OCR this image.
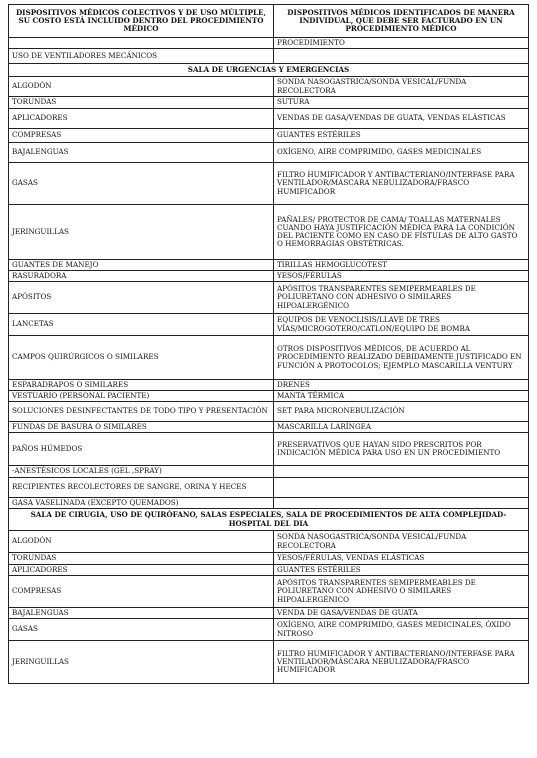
DISPOSITIVOS MÉDICOS COLECTIVOS Y DE USO MÚLTIPLE, SU COSTO ESTÁ INCLUIDO DENTRO DEL PROCEDIMIENTO MÉDICO	DISPOSITIVOS MÉDICOS IDENTIFICADOS DE MANERA INDIVIDUAL, QUE DEBE SER FACTURADO EN UN PROCEDIMIENTO MÉDICO
	PROCEDIMIENTO
USO DE VENTILADORES MECÁNICOS	
SALA DE URGENCIAS Y EMERGENCIAS	
ALGODÓN	SONDA NASOGASTRICA/SONDA VESICAL/FUNDA RECOLECTORA
TORUNDAS	SUTURA
APLICADORES	VENDAS DE GASA/VENDAS DE GUATA, VENDAS ELÁSTICAS
COMPRESAS	GUANTES ESTÉRILES
BAJALENGUAS	OXÍGENO, AIRE COMPRIMIDO, GASES MEDICINALES
GASAS	FILTRO HUMIFICADOR Y ANTIBACTERIANO/INTERFASE PARA VENTILADOR/MÁSCARA NEBULIZADORA/FRASCO HUMIFICADOR
JERINGUILLAS	PAÑALES/ PROTECTOR DE CAMA/ TOALLAS MATERNALES CUANDO HAYA JUSTIFICACIÓN MÉDICA PARA LA CONDICIÓN DEL PACIENTE COMO EN CASO DE FÍSTULAS DE ALTO GASTO O HEMORRAGIAS OBSTÉTRICAS.
GUANTES DE MANEJO	TIRILLAS HEMOGLUCOTEST
RASURADORA	YESOS/FÉRULAS
APÓSITOS	APÓSITOS TRANSPARENTES SEMIPERMEABLES DE POLIURETANO CON ADHESIVO O SIMILARES HIPOALERGÉNICO
LANCETAS	EQUIPOS DE VENOCLISIS/LLAVE DE TRES VÍAS/MICROGOTERO/CATLON/EQUIPO DE BOMBA
CAMPOS QUIRÚRGICOS O SIMILARES	OTROS DISPOSITIVOS MÉDICOS, DE ACUERDO AL PROCEDIMIENTO REALIZADO DEBIDAMENTE JUSTIFICADO EN FUNCIÓN A PROTOCOLOS; EJEMPLO MASCARILLA VENTURY
ESPARADRAPOS O SIMILARES	DRENES
VESTUARIO (PERSONAL PACIENTE)	MANTA TÉRMICA
SOLUCIONES DESINFECTANTES DE TODO TIPO Y PRESENTACIÓN	SET PARA MICRONEBULIZACIÓN
FUNDAS DE BASURA O SIMILARES	MASCARILLA LARÍNGEA
PAÑOS HÚMEDOS	PRESERVATIVOS QUE HAYAN SIDO PRESCRITOS POR INDICACIÓN MÉDICA PARA USO EN UN PROCEDIMIENTO
-ANESTÉSICOS LOCALES (GEL ,SPRAY)	
RECIPIENTES RECOLECTORES DE SANGRE, ORINA Y HECES	
GASA VASELINADA (EXCEPTO QUEMADOS)	
SALA DE CIRUGIA, USO DE QUIRÓFANO, SALAS ESPECIALES, SALA DE PROCEDIMIENTOS DE ALTA COMPLEJIDAD-HOSPITAL DEL DIA	
ALGODÓN	SONDA NASOGASTRICA/SONDA VESICAL/FUNDA RECOLECTORA
TORUNDAS	YESOS/FÉRULAS, VENDAS ELÁSTICAS
APLICADORES	GUANTES ESTÉRILES
COMPRESAS	APÓSITOS TRANSPARENTES SEMIPERMEABLES DE POLIURETANO CON ADHESIVO O SIMILARES HIPOALERGÉNICO
BAJALENGUAS	VENDA DE GASA/VENDAS DE GUATA
GASAS	OXÍGENO, AIRE COMPRIMIDO, GASES MEDICINALES, ÓXIDO NITROSO
JERINGUILLAS	FILTRO HUMIFICADOR Y ANTIBACTERIANO/INTERFASE PARA VENTILADOR/MÁSCARA NEBULIZADORA/FRASCO HUMIFICADOR
